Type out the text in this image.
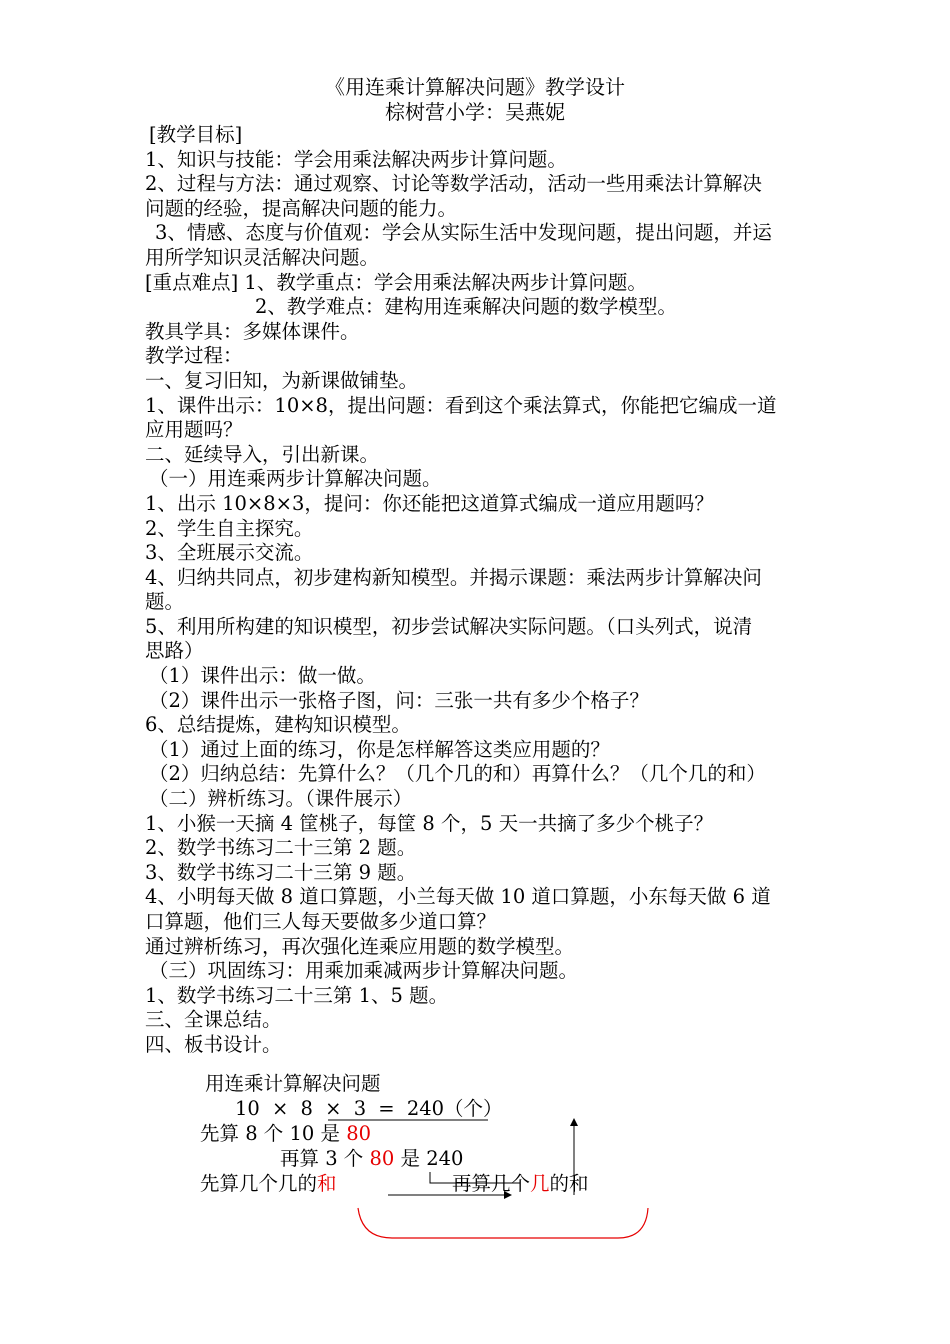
《用连乘计算解决问题》教学设计
棕树营小学：吴燕妮
[教学目标]
1、知识与技能：学会用乘法解决两步计算问题。
2、过程与方法：通过观察、讨论等数学活动，活动一些用乘法计算解决
问题的经验，提高解决问题的能力。
3、情感、态度与价值观：学会从实际生活中发现问题，提出问题，并运
用所学知识灵活解决问题。
[重点难点] 1、教学重点：学会用乘法解决两步计算问题。
2、教学难点：建构用连乘解决问题的数学模型。
教具学具：多媒体课件。
教学过程：
一、复习旧知，为新课做铺垫。
1、课件出示：10×8，提出问题：看到这个乘法算式，你能把它编成一道
应用题吗？
二、延续导入，引出新课。
（一）用连乘两步计算解决问题。
1、出示 10×8×3，提问：你还能把这道算式编成一道应用题吗？
2、学生自主探究。
3、全班展示交流。
4、归纳共同点，初步建构新知模型。并揭示课题：乘法两步计算解决问
题。
5、利用所构建的知识模型，初步尝试解决实际问题。（口头列式，说清
思路）
（1）课件出示：做一做。
（2）课件出示一张格子图，问：三张一共有多少个格子？
6、总结提炼，建构知识模型。
（1）通过上面的练习，你是怎样解答这类应用题的？
（2）归纳总结：先算什么？（几个几的和）再算什么？（几个几的和）
（二）辨析练习。（课件展示）
1、小猴一天摘 4 筐桃子，每筐 8 个，5 天一共摘了多少个桃子？
2、数学书练习二十三第 2 题。
3、数学书练习二十三第 9 题。
4、小明每天做 8 道口算题，小兰每天做 10 道口算题，小东每天做 6 道
口算题，他们三人每天要做多少道口算？
通过辨析练习，再次强化连乘应用题的数学模型。
（三）巩固练习：用乘加乘减两步计算解决问题。
1、数学书练习二十三第 1、5 题。
三、全课总结。
四、板书设计。
用连乘计算解决问题
10 × 8 × 3 = 240（个）
先算 8 个 10 是 80
再算 3 个 80 是 240
先算几个几的和	再算几个几的和
